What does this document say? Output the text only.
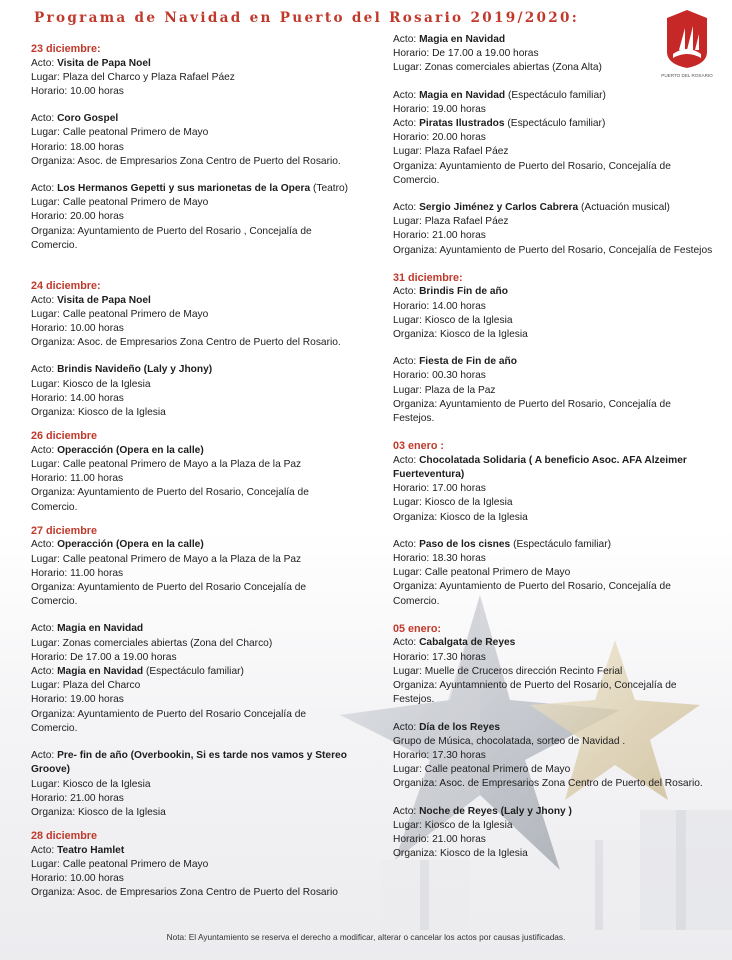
Programa de Navidad en Puerto del Rosario 2019/2020:
PUERTO DEL ROSARIO
23 diciembre:
Acto: Visita de Papa Noel
Lugar: Plaza del Charco y Plaza Rafael Páez
Horario: 10.00 horas
Acto: Coro Gospel
Lugar: Calle peatonal Primero de Mayo
Horario: 18.00 horas
Organiza: Asoc. de Empresarios Zona Centro de Puerto del Rosario.
Acto: Los Hermanos Gepetti y sus marionetas de la Opera (Teatro)
Lugar: Calle peatonal Primero de Mayo
Horario: 20.00 horas
Organiza: Ayuntamiento de Puerto del Rosario , Concejalía de Comercio.
24 diciembre:
Acto: Visita de Papa Noel
Lugar: Calle peatonal Primero de Mayo
Horario: 10.00 horas
Organiza: Asoc. de Empresarios Zona Centro de Puerto del Rosario.
Acto: Brindis Navideño (Laly y Jhony)
Lugar: Kiosco de la Iglesia
Horario: 14.00 horas
Organiza: Kiosco de la Iglesia
26 diciembre
Acto: Operacción (Opera en la calle)
Lugar: Calle peatonal Primero de Mayo a la Plaza de la Paz
Horario: 11.00 horas
Organiza: Ayuntamiento de Puerto del Rosario, Concejalía de Comercio.
27 diciembre
Acto: Operacción (Opera en la calle)
Lugar: Calle peatonal Primero de Mayo a la Plaza de la Paz
Horario: 11.00 horas
Organiza: Ayuntamiento de Puerto del Rosario Concejalía de Comercio.
Acto: Magia en Navidad
Lugar: Zonas comerciales abiertas (Zona del Charco)
Horario: De 17.00 a 19.00 horas
Acto: Magia en Navidad (Espectáculo familiar)
Lugar: Plaza del Charco
Horario: 19.00 horas
Organiza: Ayuntamiento de Puerto del Rosario Concejalía de Comercio.
Acto: Pre- fin de año (Overbookin, Si es tarde nos vamos y Stereo Groove)
Lugar: Kiosco de la Iglesia
Horario: 21.00 horas
Organiza: Kiosco de la Iglesia
28 diciembre
Acto: Teatro Hamlet
Lugar: Calle peatonal Primero de Mayo
Horario: 10.00 horas
Organiza: Asoc. de Empresarios Zona Centro de Puerto del Rosario
Acto: Magia en Navidad
Horario: De 17.00 a 19.00 horas
Lugar: Zonas comerciales abiertas (Zona Alta)
Acto: Magia en Navidad (Espectáculo familiar)
Horario: 19.00 horas
Acto: Piratas Ilustrados (Espectáculo familiar)
Horario: 20.00 horas
Lugar: Plaza Rafael Páez
Organiza: Ayuntamiento de Puerto del Rosario, Concejalía de Comercio.
Acto: Sergio Jiménez y Carlos Cabrera (Actuación musical)
Lugar: Plaza Rafael Páez
Horario: 21.00 horas
Organiza: Ayuntamiento de Puerto del Rosario, Concejalía de Festejos
31 diciembre:
Acto: Brindis Fin de año
Horario: 14.00 horas
Lugar: Kiosco de la Iglesia
Organiza: Kiosco de la Iglesia
Acto: Fiesta de Fin de año
Horario: 00.30 horas
Lugar: Plaza de la Paz
Organiza: Ayuntamiento de Puerto del Rosario, Concejalía de Festejos.
03 enero :
Acto: Chocolatada Solidaria ( A beneficio Asoc. AFA Alzeimer Fuerteventura)
Horario: 17.00 horas
Lugar: Kiosco de la Iglesia
Organiza: Kiosco de la Iglesia
Acto: Paso de los cisnes (Espectáculo familiar)
Horario: 18.30 horas
Lugar: Calle peatonal Primero de Mayo
Organiza: Ayuntamiento de Puerto del Rosario, Concejalía de Comercio.
05 enero:
Acto: Cabalgata de Reyes
Horario: 17.30 horas
Lugar: Muelle de Cruceros dirección Recinto Ferial
Organiza: Ayuntamniento de Puerto del Rosario, Concejalía de Festejos.
Acto: Día de los Reyes
Grupo de Música, chocolatada, sorteo de Navidad .
Horario: 17.30 horas
Lugar: Calle peatonal Primero de Mayo
Organiza: Asoc. de Empresarios Zona Centro de Puerto del Rosario.
Acto: Noche de Reyes (Laly y Jhony )
Lugar: Kiosco de la Iglesia
Horario: 21.00 horas
Organiza: Kiosco de la Iglesia
Nota: El Ayuntamiento se reserva el derecho a modificar, alterar o cancelar los actos por causas justificadas.
